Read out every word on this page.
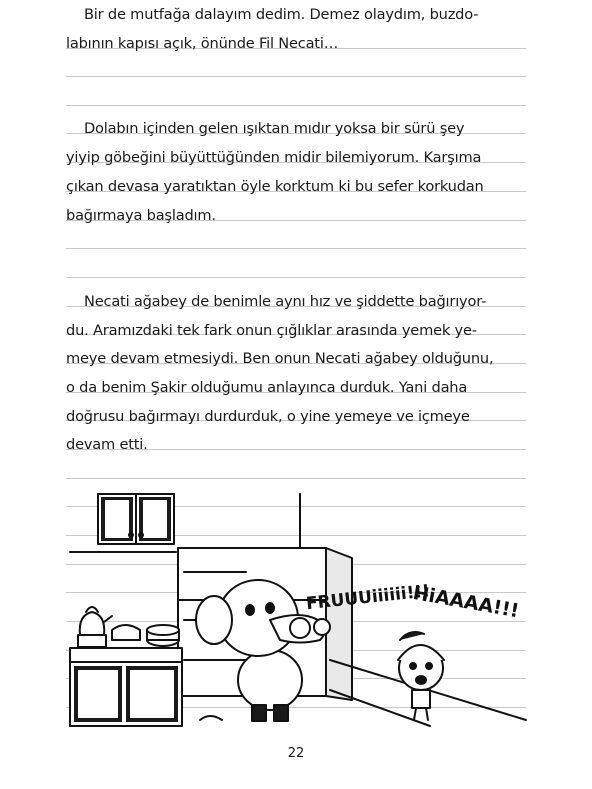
Bir de mutfağa dalayım dedim. Demez olaydım, buzdo-
labının kapısı açık, önünde Fil Necati…
Dolabın içinden gelen ışıktan mıdır yoksa bir sürü şey
yiyip göbeğini büyüttüğünden midir bilemiyorum. Karşıma
çıkan devasa yaratıktan öyle korktum ki bu sefer korkudan
bağırmaya başladım.
Necati ağabey de benimle aynı hız ve şiddette bağırıyor-
du. Aramızdaki tek fark onun çığlıklar arasında yemek ye-
meye devam etmesiydi. Ben onun Necati ağabey olduğunu,
o da benim Şakir olduğumu anlayınca durduk. Yani daha
doğrusu bağırmayı durdurduk, o yine yemeye ve içmeye
devam etti.
FRUUUiiiiii!!!
HiAAAA!!!
22
